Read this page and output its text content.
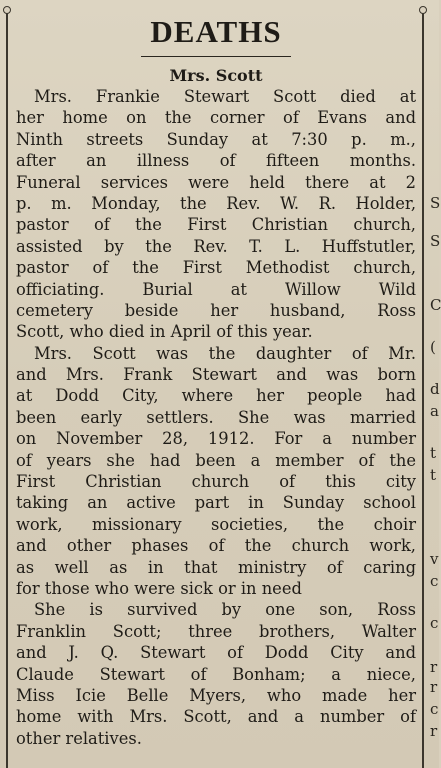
S
S
C
(
d
a
t
t
v
c
c
r
r
c
r
DEATHS
Mrs. Scott
Mrs. Frankie Stewart Scott died at
her home on the corner of Evans and
Ninth streets Sunday at 7:30 p. m.,
after an illness of fifteen months.
Funeral services were held there at 2
p. m. Monday, the Rev. W. R. Holder,
pastor of the First Christian church,
assisted by the Rev. T. L. Huffstutler,
pastor of the First Methodist church,
officiating. Burial at Willow Wild
cemetery beside her husband, Ross
Scott, who died in April of this year.
Mrs. Scott was the daughter of Mr.
and Mrs. Frank Stewart and was born
at Dodd City, where her people had
been early settlers. She was married
on November 28, 1912. For a number
of years she had been a member of the
First Christian church of this city
taking an active part in Sunday school
work, missionary societies, the choir
and other phases of the church work,
as well as in that ministry of caring
for those who were sick or in need
She is survived by one son, Ross
Franklin Scott; three brothers, Walter
and J. Q. Stewart of Dodd City and
Claude Stewart of Bonham; a niece,
Miss Icie Belle Myers, who made her
home with Mrs. Scott, and a number of
other relatives.
